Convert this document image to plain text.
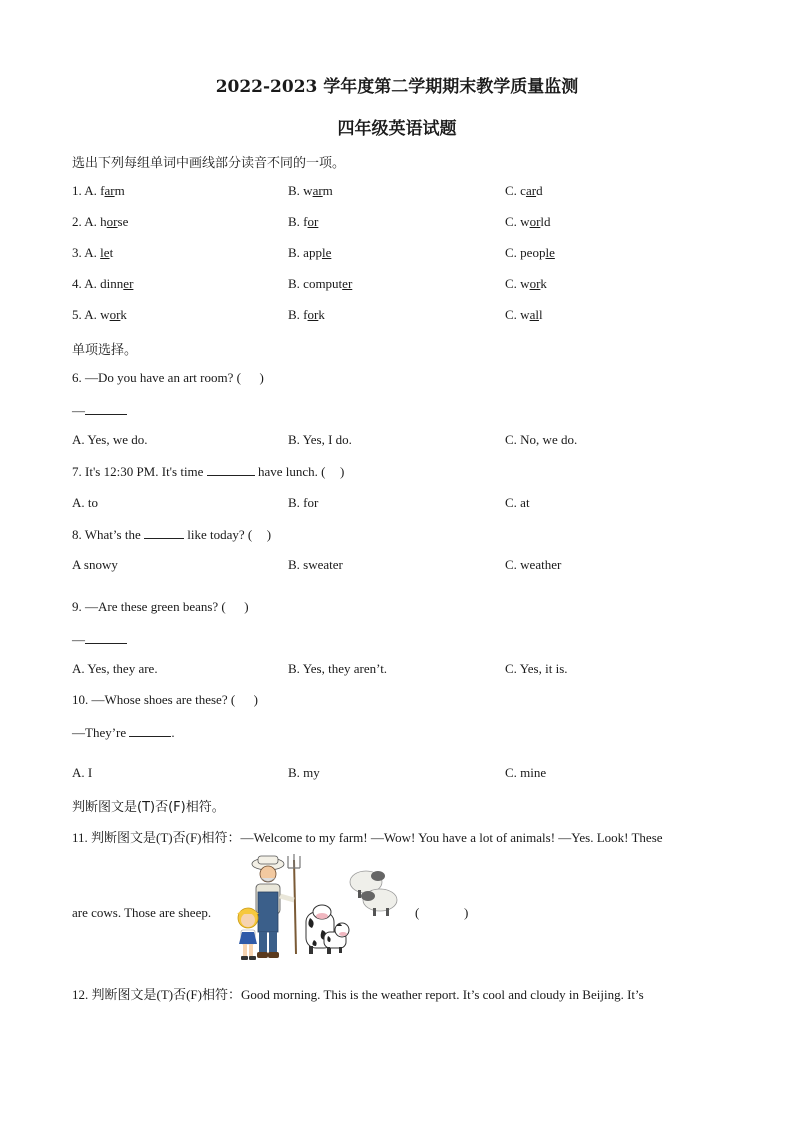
2022-2023 学年度第二学期期末教学质量监测
四年级英语试题
选出下列每组单词中画线部分读音不同的一项。
1. A. farm	B. warm	C. card
2. A. horse	B. for	C. world
3. A. let	B. apple	C. people
4. A. dinner	B. computer	C. work
5. A. work	B. fork	C. wall
单项选择。
6. —Do you have an art room? ( )
—
A. Yes, we do.	B. Yes, I do.	C. No, we do.
7. It's 12:30 PM. It's time	have lunch. ( )
A. to	B. for	C. at
8. What’s the	like today? ( )
A snowy	B. sweater	C. weather
9. —Are these green beans? ( )
—
A. Yes, they are.	B. Yes, they aren’t.	C. Yes, it is.
10. —Whose shoes are these? ( )
—They’re	.
A. I	B. my	C. mine
判断图文是(T)否(F)相符。
11. 判断图文是(T)否(F)相符：—Welcome to my farm! —Wow! You have a lot of animals! —Yes. Look! These
are cows. Those are sheep.	(	)
12. 判断图文是(T)否(F)相符：Good morning. This is the weather report. It’s cool and cloudy in Beijing. It’s
